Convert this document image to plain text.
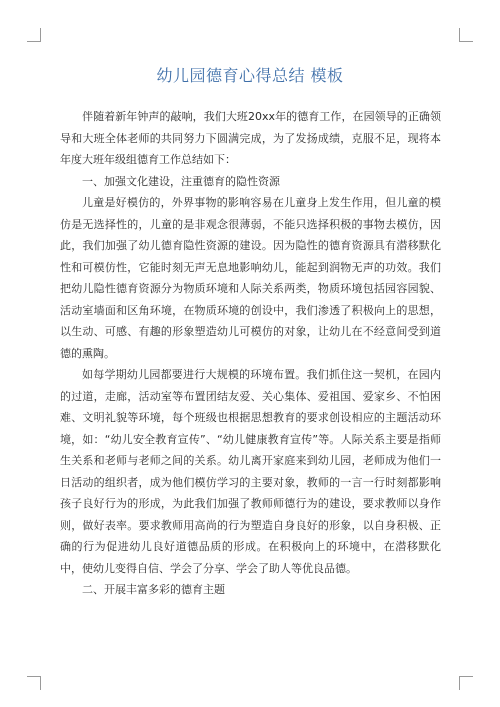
幼儿园德育心得总结 模板

伴随着新年钟声的敲响，我们大班20xx年的德育工作，在园领导的正确领导和大班全体老师的共同努力下圆满完成，为了发扬成绩，克服不足，现将本年度大班年级组德育工作总结如下：

一、加强文化建设，注重德育的隐性资源

儿童是好模仿的，外界事物的影响容易在儿童身上发生作用，但儿童的模仿是无选择性的，儿童的是非观念很薄弱，不能只选择积极的事物去模仿，因此，我们加强了幼儿德育隐性资源的建设。因为隐性的德育资源具有潜移默化性和可模仿性，它能时刻无声无息地影响幼儿，能起到润物无声的功效。我们把幼儿隐性德育资源分为物质环境和人际关系两类，物质环境包括园容园貌、活动室墙面和区角环境，在物质环境的创设中，我们渗透了积极向上的思想，以生动、可感、有趣的形象塑造幼儿可模仿的对象，让幼儿在不经意间受到道德的熏陶。

如每学期幼儿园都要进行大规模的环境布置。我们抓住这一契机，在园内的过道，走廊，活动室等布置团结友爱、关心集体、爱祖国、爱家乡、不怕困难、文明礼貌等环境，每个班级也根据思想教育的要求创设相应的主题活动环境，如：“幼儿安全教育宣传”、“幼儿健康教育宣传”等。人际关系主要是指师生关系和老师与老师之间的关系。幼儿离开家庭来到幼儿园，老师成为他们一日活动的组织者，成为他们模仿学习的主要对象，教师的一言一行时刻都影响孩子良好行为的形成，为此我们加强了教师师德行为的建设，要求教师以身作则，做好表率。要求教师用高尚的行为塑造自身良好的形象，以自身积极、正确的行为促进幼儿良好道德品质的形成。在积极向上的环境中，在潜移默化中，使幼儿变得自信、学会了分享、学会了助人等优良品德。

二、开展丰富多彩的德育主题
